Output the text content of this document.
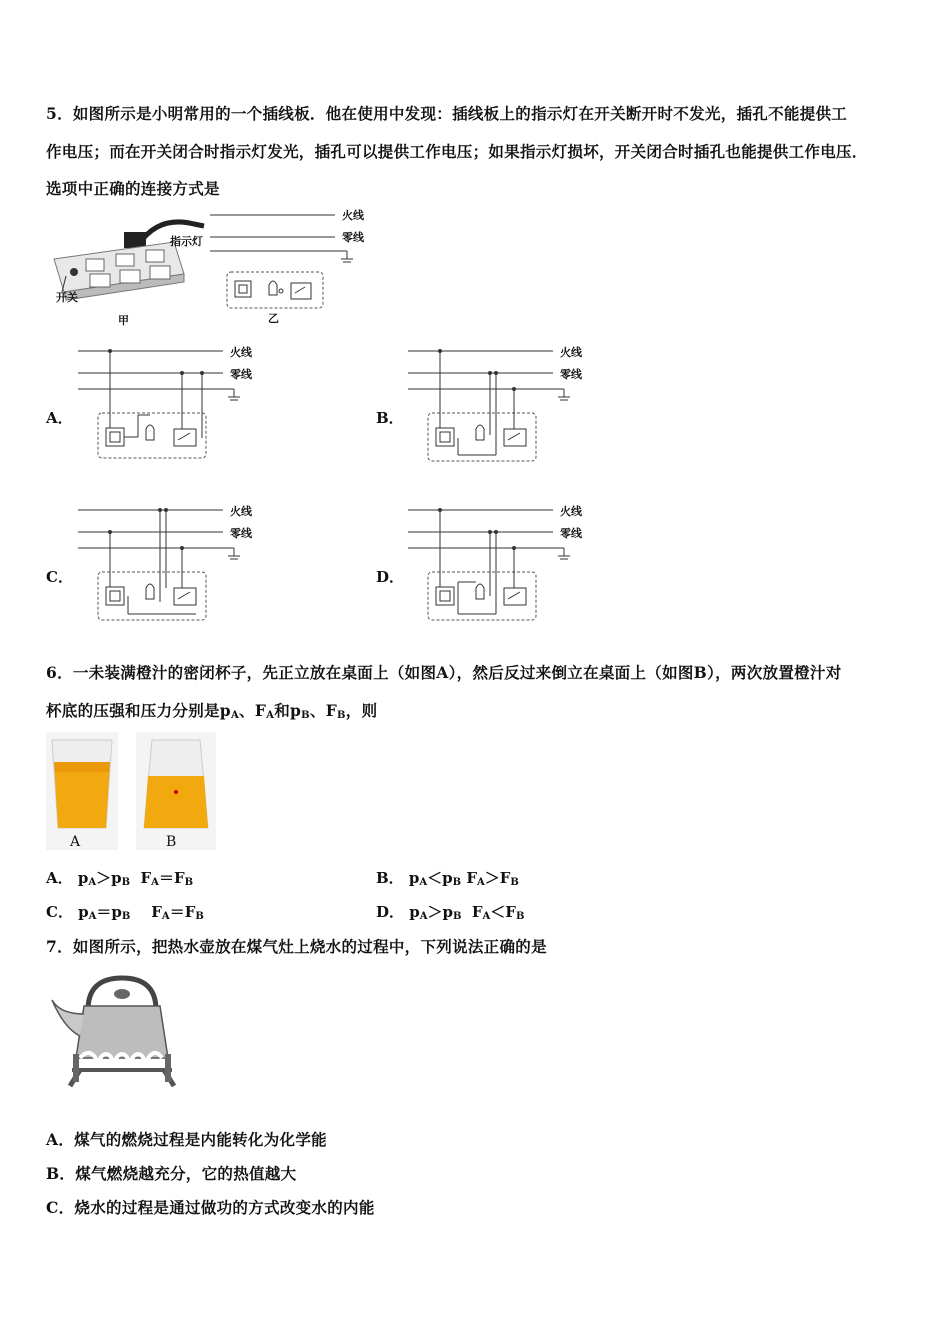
5．如图所示是小明常用的一个插线板．他在使用中发现：插线板上的指示灯在开关断开时不发光，插孔不能提供工
作电压；而在开关闭合时指示灯发光，插孔可以提供工作电压；如果指示灯损坏，开关闭合时插孔也能提供工作电压．
选项中正确的连接方式是
开关
指示灯
甲
火线
零线
乙
A．
火线
零线
B．
火线
零线
C．
火线
零线
D．
火线
零线
6．一未装满橙汁的密闭杯子，先正立放在桌面上（如图A），然后反过来倒立在桌面上（如图B），两次放置橙汁对
杯底的压强和压力分别是$p_A$、$F_A$和$p_B$、$F_B$，则
A	B
A． $p_A>p_B$  $F_A=F_B$	B． $p_A<p_B$ $F_A>F_B$
C． $p_A=p_B$    $F_A=F_B$	D． $p_A>p_B$  $F_A<F_B$
7．如图所示，把热水壶放在煤气灶上烧水的过程中，下列说法正确的是
A．煤气的燃烧过程是内能转化为化学能
B．煤气燃烧越充分，它的热值越大
C．烧水的过程是通过做功的方式改变水的内能
